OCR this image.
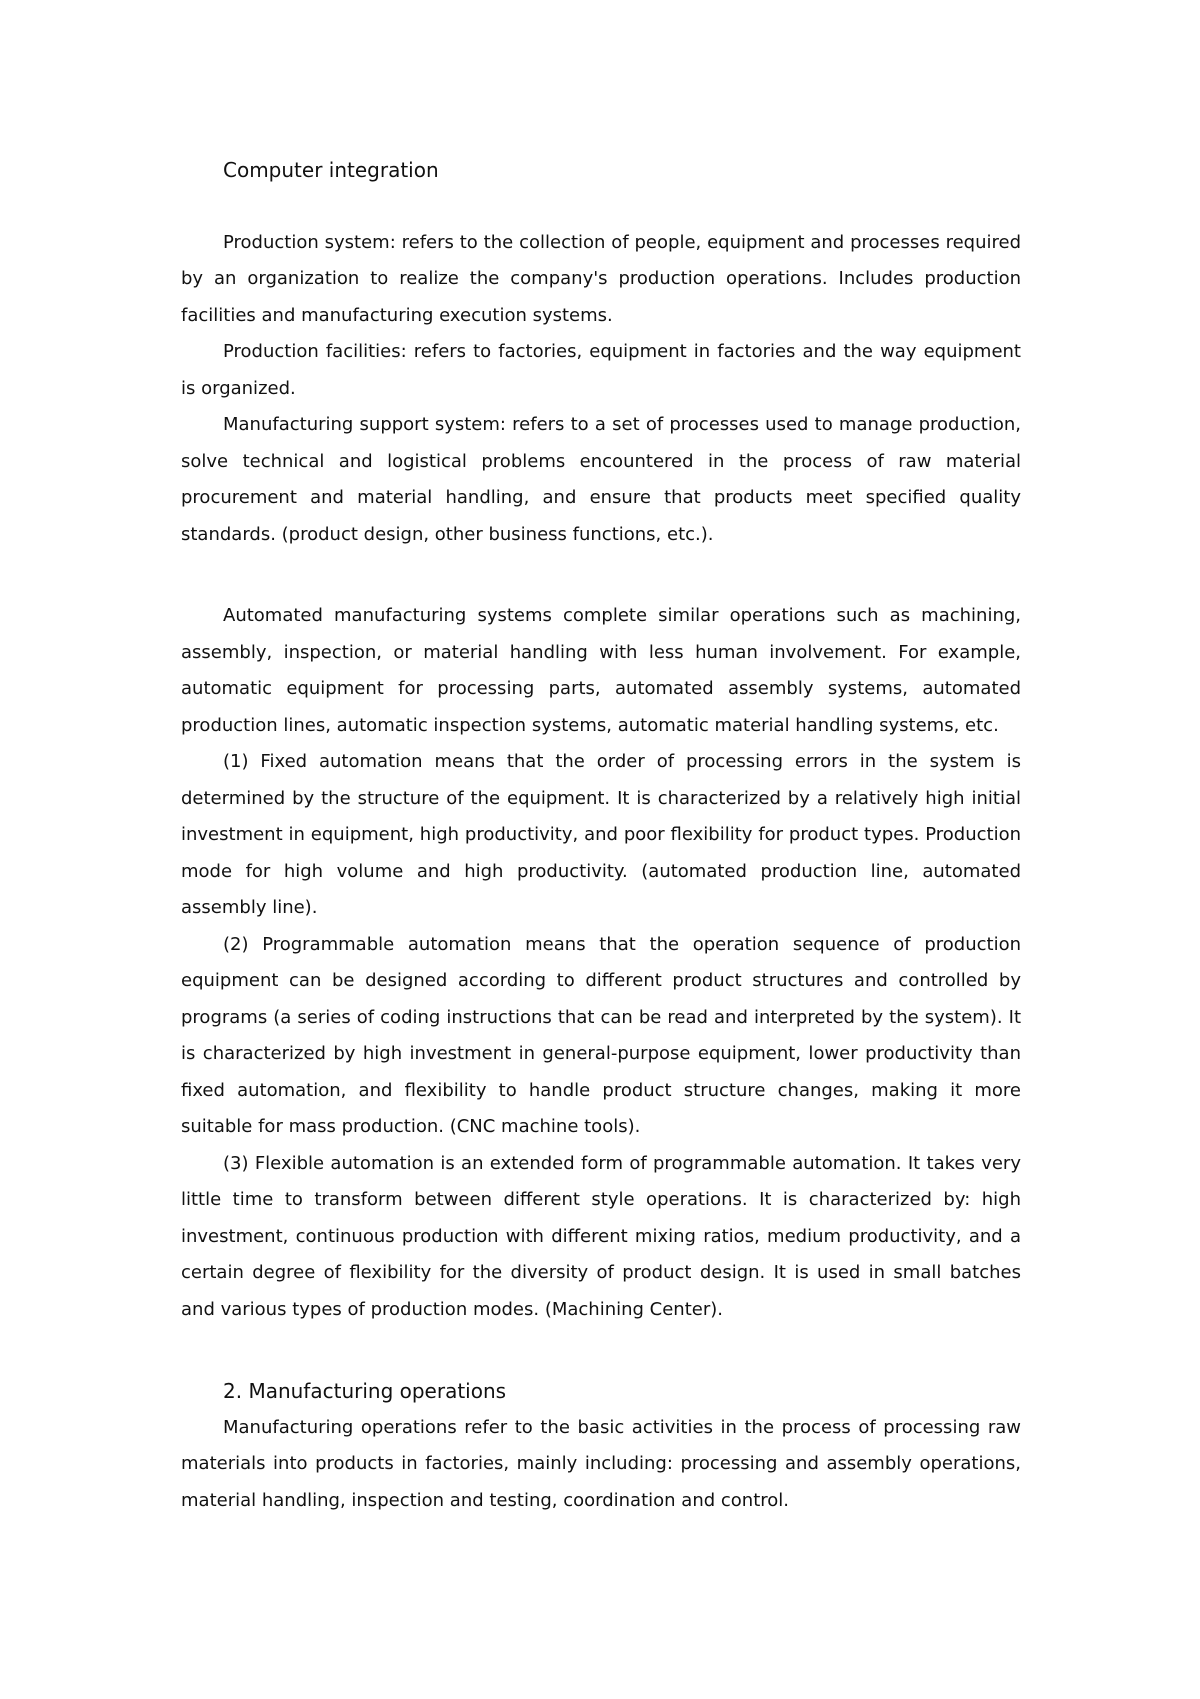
Computer integration

Production system: refers to the collection of people, equipment and processes required by an organization to realize the company's production operations. Includes production facilities and manufacturing execution systems.

Production facilities: refers to factories, equipment in factories and the way equipment is organized.

Manufacturing support system: refers to a set of processes used to manage production, solve technical and logistical problems encountered in the process of raw material procurement and material handling, and ensure that products meet specified quality standards. (product design, other business functions, etc.).

Automated manufacturing systems complete similar operations such as machining, assembly, inspection, or material handling with less human involvement. For example, automatic equipment for processing parts, automated assembly systems, automated production lines, automatic inspection systems, automatic material handling systems, etc.

(1) Fixed automation means that the order of processing errors in the system is determined by the structure of the equipment. It is characterized by a relatively high initial investment in equipment, high productivity, and poor flexibility for product types. Production mode for high volume and high productivity. (automated production line, automated assembly line).

(2) Programmable automation means that the operation sequence of production equipment can be designed according to different product structures and controlled by programs (a series of coding instructions that can be read and interpreted by the system). It is characterized by high investment in general-purpose equipment, lower productivity than fixed automation, and flexibility to handle product structure changes, making it more suitable for mass production. (CNC machine tools).

(3) Flexible automation is an extended form of programmable automation. It takes very little time to transform between different style operations. It is characterized by: high investment, continuous production with different mixing ratios, medium productivity, and a certain degree of flexibility for the diversity of product design. It is used in small batches and various types of production modes. (Machining Center).

2. Manufacturing operations

Manufacturing operations refer to the basic activities in the process of processing raw materials into products in factories, mainly including: processing and assembly operations, material handling, inspection and testing, coordination and control.
